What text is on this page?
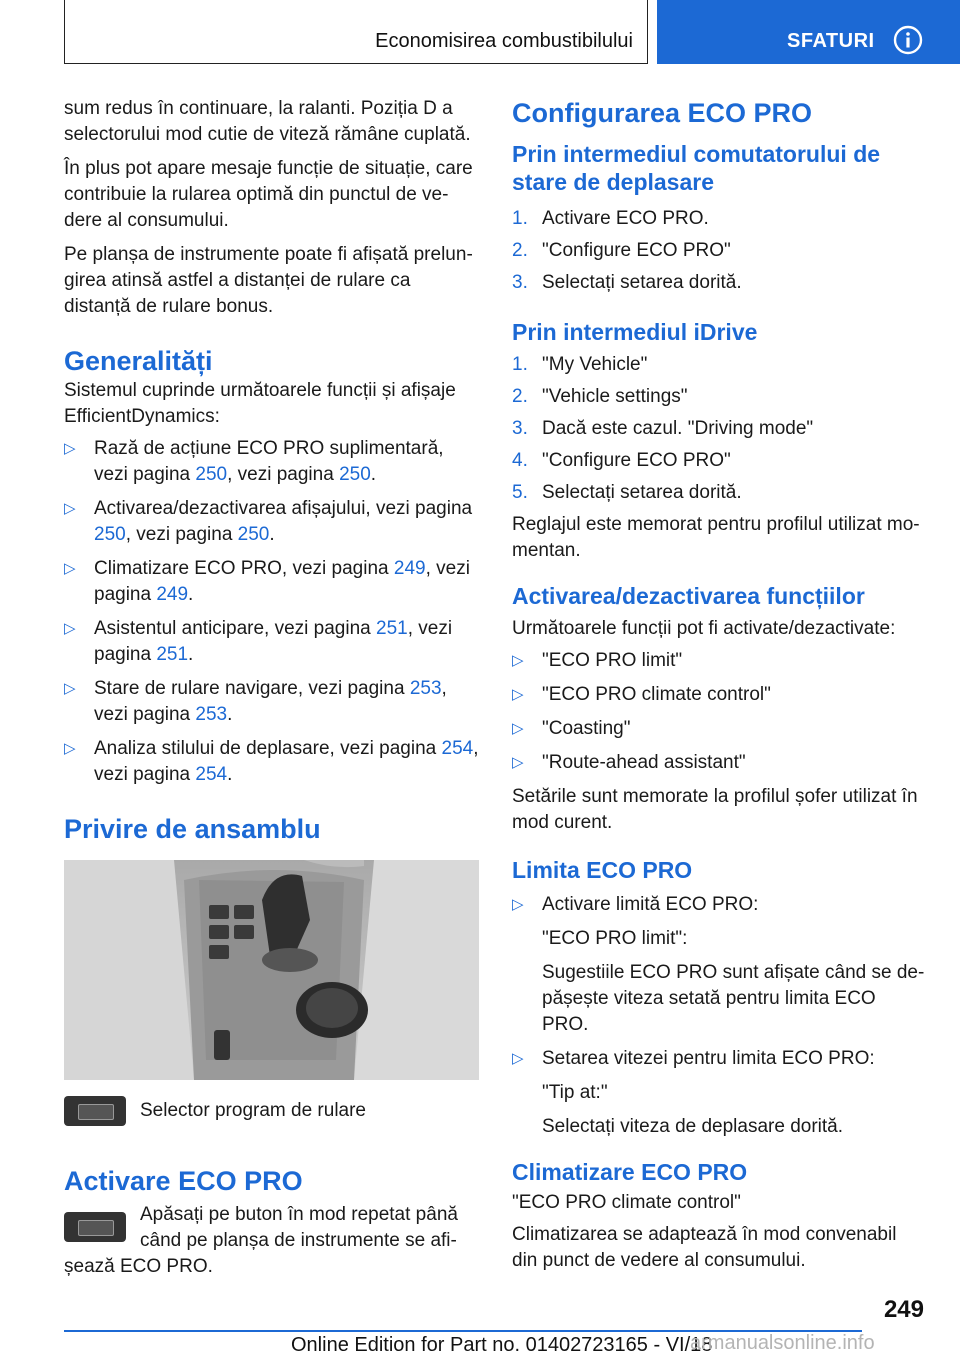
Economisirea combustibilului	SFATURI

sum redus în continuare, la ralanti. Poziția D a selectorului mod cutie de viteză rămâne cuplată.

În plus pot apare mesaje funcție de situație, care contribuie la rularea optimă din punctul de vedere al consumului.

Pe planșa de instrumente poate fi afișată prelungirea atinsă astfel a distanței de rulare ca distanță de rulare bonus.

Generalități

Sistemul cuprinde următoarele funcții și afișaje EfficientDynamics:

▷ Rază de acțiune ECO PRO suplimentară, vezi pagina 250, vezi pagina 250.
▷ Activarea/dezactivarea afișajului, vezi pagina 250, vezi pagina 250.
▷ Climatizare ECO PRO, vezi pagina 249, vezi pagina 249.
▷ Asistentul anticipare, vezi pagina 251, vezi pagina 251.
▷ Stare de rulare navigare, vezi pagina 253, vezi pagina 253.
▷ Analiza stilului de deplasare, vezi pagina 254, vezi pagina 254.
Privire de ansamblu

Selector program de rulare

Activare ECO PRO

Apăsați pe buton în mod repetat până când pe planșa de instrumente se afișează ECO PRO.

Configurarea ECO PRO
Prin intermediul comutatorului de stare de deplasare
1. Activare ECO PRO.
2. "Configure ECO PRO"
3. Selectați setarea dorită.
Prin intermediul iDrive
1. "My Vehicle"
2. "Vehicle settings"
3. Dacă este cazul. "Driving mode"
4. "Configure ECO PRO"
5. Selectați setarea dorită.

Reglajul este memorat pentru profilul utilizat momentan.

Activarea/dezactivarea funcțiilor

Următoarele funcții pot fi activate/dezactivate:

▷ "ECO PRO limit"
▷ "ECO PRO climate control"
▷ "Coasting"
▷ "Route-ahead assistant"

Setările sunt memorate la profilul șofer utilizat în mod curent.

Limita ECO PRO
▷ Activare limită ECO PRO:

"ECO PRO limit":

Sugestiile ECO PRO sunt afișate când se depășește viteza setată pentru limita ECO PRO.

▷ Setarea vitezei pentru limita ECO PRO:

"Tip at:"

Selectați viteza de deplasare dorită.

Climatizare ECO PRO

"ECO PRO climate control"

Climatizarea se adaptează în mod convenabil din punct de vedere al consumului.

249
Online Edition for Part no. 01402723165 - VI/18
armanualsonline.info
